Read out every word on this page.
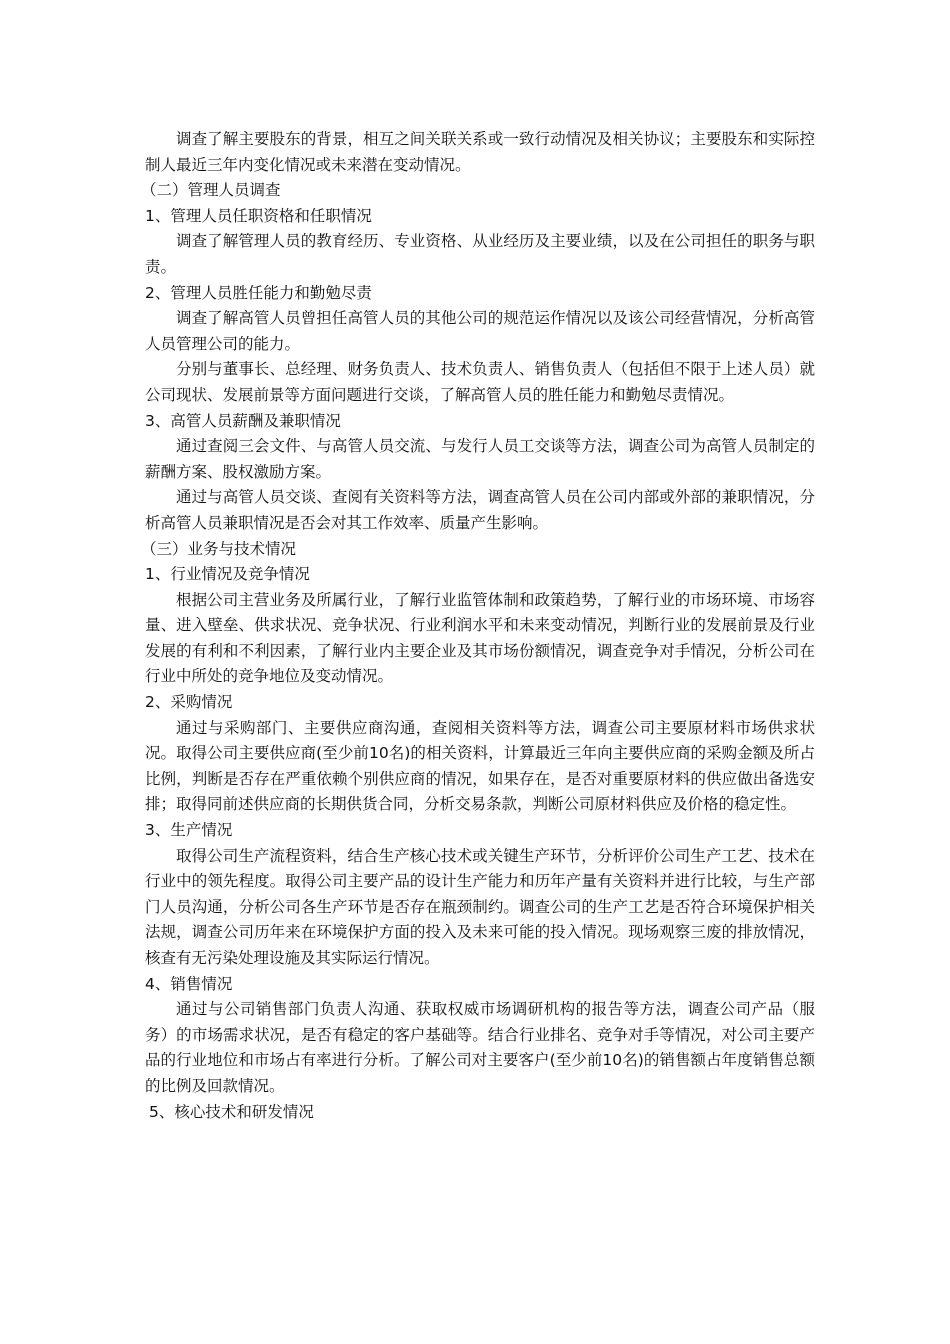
调查了解主要股东的背景，相互之间关联关系或一致行动情况及相关协议；主要股东和实际控制人最近三年内变化情况或未来潜在变动情况。

（二）管理人员调查

1、管理人员任职资格和任职情况

调查了解管理人员的教育经历、专业资格、从业经历及主要业绩，以及在公司担任的职务与职责。

2、管理人员胜任能力和勤勉尽责

调查了解高管人员曾担任高管人员的其他公司的规范运作情况以及该公司经营情况，分析高管人员管理公司的能力。

分别与董事长、总经理、财务负责人、技术负责人、销售负责人（包括但不限于上述人员）就公司现状、发展前景等方面问题进行交谈，了解高管人员的胜任能力和勤勉尽责情况。

3、高管人员薪酬及兼职情况

通过查阅三会文件、与高管人员交流、与发行人员工交谈等方法，调查公司为高管人员制定的薪酬方案、股权激励方案。

通过与高管人员交谈、查阅有关资料等方法，调查高管人员在公司内部或外部的兼职情况，分析高管人员兼职情况是否会对其工作效率、质量产生影响。

（三）业务与技术情况

1、行业情况及竞争情况

根据公司主营业务及所属行业，了解行业监管体制和政策趋势，了解行业的市场环境、市场容量、进入壁垒、供求状况、竞争状况、行业利润水平和未来变动情况，判断行业的发展前景及行业发展的有利和不利因素，了解行业内主要企业及其市场份额情况，调查竞争对手情况，分析公司在行业中所处的竞争地位及变动情况。

2、采购情况

通过与采购部门、主要供应商沟通，查阅相关资料等方法，调查公司主要原材料市场供求状况。取得公司主要供应商(至少前10名)的相关资料，计算最近三年向主要供应商的采购金额及所占比例，判断是否存在严重依赖个别供应商的情况，如果存在，是否对重要原材料的供应做出备选安排；取得同前述供应商的长期供货合同，分析交易条款，判断公司原材料供应及价格的稳定性。

3、生产情况

取得公司生产流程资料，结合生产核心技术或关键生产环节，分析评价公司生产工艺、技术在行业中的领先程度。取得公司主要产品的设计生产能力和历年产量有关资料并进行比较，与生产部门人员沟通，分析公司各生产环节是否存在瓶颈制约。调查公司的生产工艺是否符合环境保护相关法规，调查公司历年来在环境保护方面的投入及未来可能的投入情况。现场观察三废的排放情况，核查有无污染处理设施及其实际运行情况。

4、销售情况

通过与公司销售部门负责人沟通、获取权威市场调研机构的报告等方法，调查公司产品（服务）的市场需求状况，是否有稳定的客户基础等。结合行业排名、竞争对手等情况，对公司主要产品的行业地位和市场占有率进行分析。了解公司对主要客户(至少前10名)的销售额占年度销售总额的比例及回款情况。

5、核心技术和研发情况
